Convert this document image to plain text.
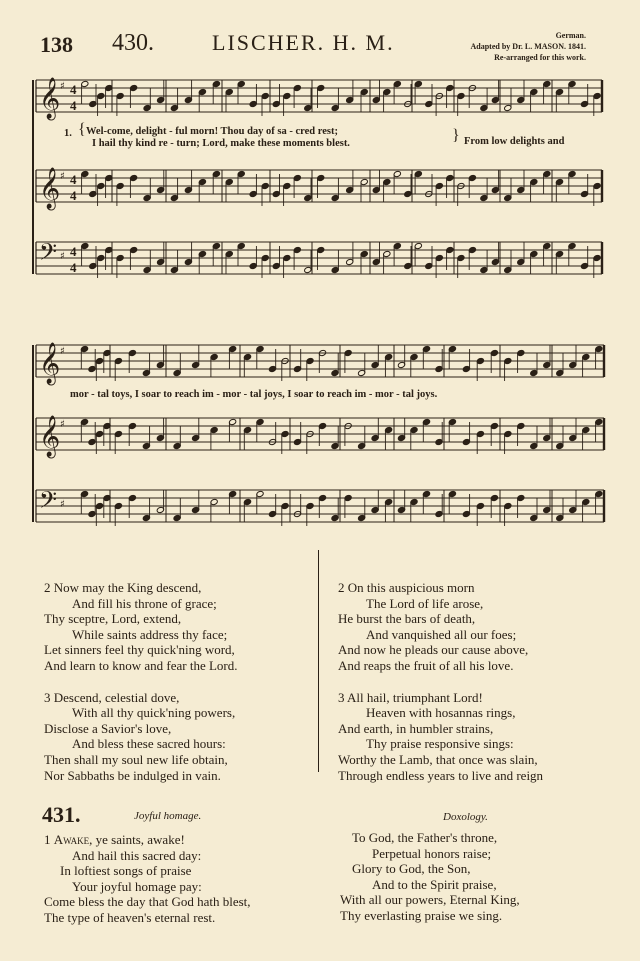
138 430.	LISCHER. H. M.	German.
Adapted by Dr. L. MASON. 1841.
Re-arranged for this work.
𝄞 ♯
𝄞 ♯
𝄢 ♯
𝄞 ♯
𝄞 ♯
𝄢 ♯
4
4
4
4
4
4
1. { Wel-come, delight - ful morn! Thou day of sa - cred rest;
I hail thy kind re - turn; Lord, make these moments blest.	} From low delights and
mor - tal toys, I soar to reach im - mor - tal joys, I soar to reach im - mor - tal joys.
2 Now may the King descend,
And fill his throne of grace;
Thy sceptre, Lord, extend,
While saints address thy face;
Let sinners feel thy quick'ning word,
And learn to know and fear the Lord.
3 Descend, celestial dove,
With all thy quick'ning powers,
Disclose a Savior's love,
And bless these sacred hours:
Then shall my soul new life obtain,
Nor Sabbaths be indulged in vain.
2 On this auspicious morn
The Lord of life arose,
He burst the bars of death,
And vanquished all our foes;
And now he pleads our cause above,
And reaps the fruit of all his love.
3 All hail, triumphant Lord!
Heaven with hosannas rings,
And earth, in humbler strains,
Thy praise responsive sings:
Worthy the Lamb, that once was slain,
Through endless years to live and reign
431.	Joyful homage.
1 Awake, ye saints, awake!
And hail this sacred day:
In loftiest songs of praise
Your joyful homage pay:
Come bless the day that God hath blest,
The type of heaven's eternal rest.
Doxology.
To God, the Father's throne,
Perpetual honors raise;
Glory to God, the Son,
And to the Spirit praise,
With all our powers, Eternal King,
Thy everlasting praise we sing.
